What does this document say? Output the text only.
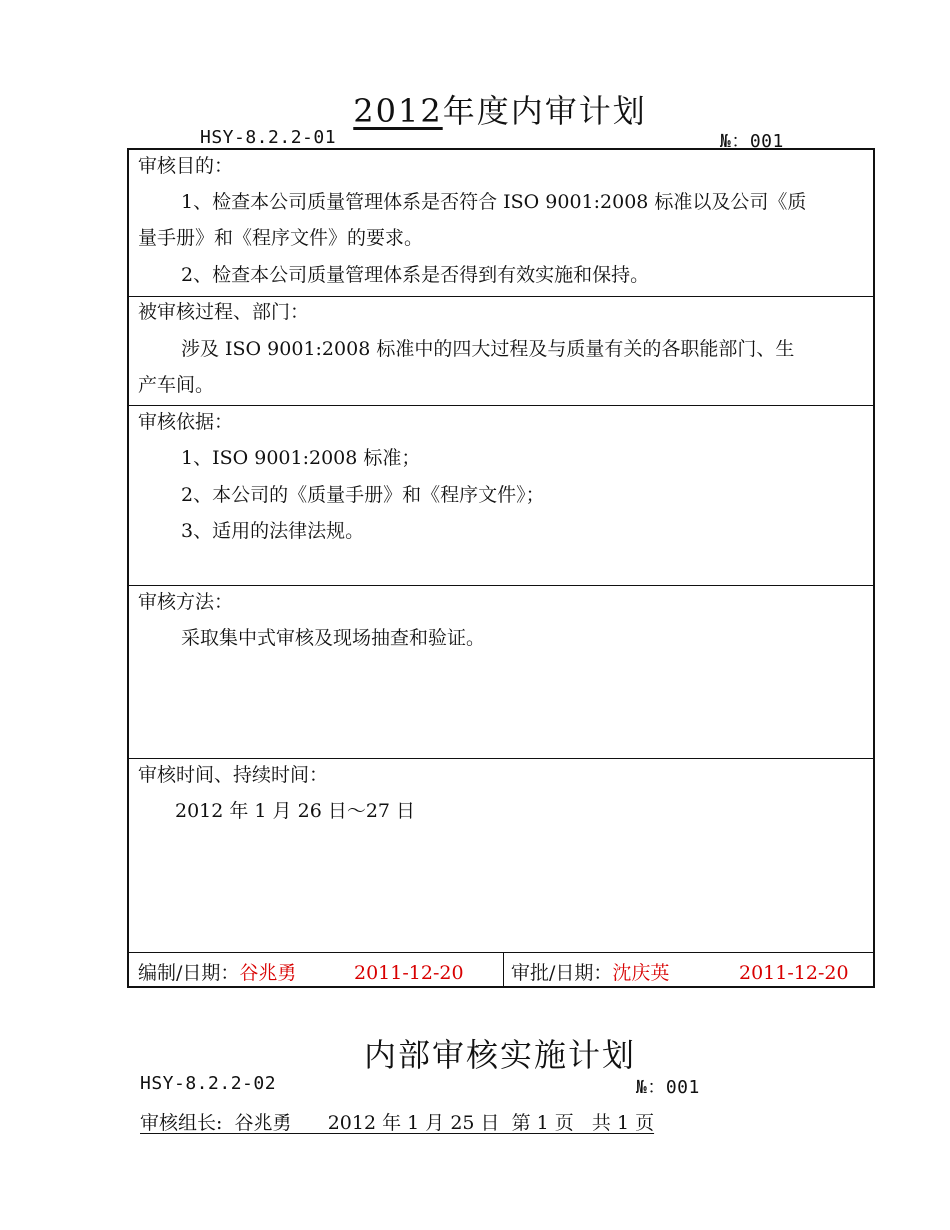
2012年度内审计划
HSY-8.2.2-01	№：001
审核目的：
1、检查本公司质量管理体系是否符合 ISO 9001:2008 标准以及公司《质
量手册》和《程序文件》的要求。
2、检查本公司质量管理体系是否得到有效实施和保持。
被审核过程、部门：
涉及 ISO 9001:2008 标准中的四大过程及与质量有关的各职能部门、生
产车间。
审核依据：
1、ISO 9001:2008 标准；
2、本公司的《质量手册》和《程序文件》；
3、适用的法律法规。
审核方法：
采取集中式审核及现场抽查和验证。
审核时间、持续时间：
2012 年 1 月 26 日～27 日
编制/日期：谷兆勇	2011-12-20 审批/日期：沈庆英	2011-12-20
内部审核实施计划
HSY-8.2.2-02	№：001
审核组长:  谷兆勇      2012 年 1 月 25 日  第 1 页   共 1 页
